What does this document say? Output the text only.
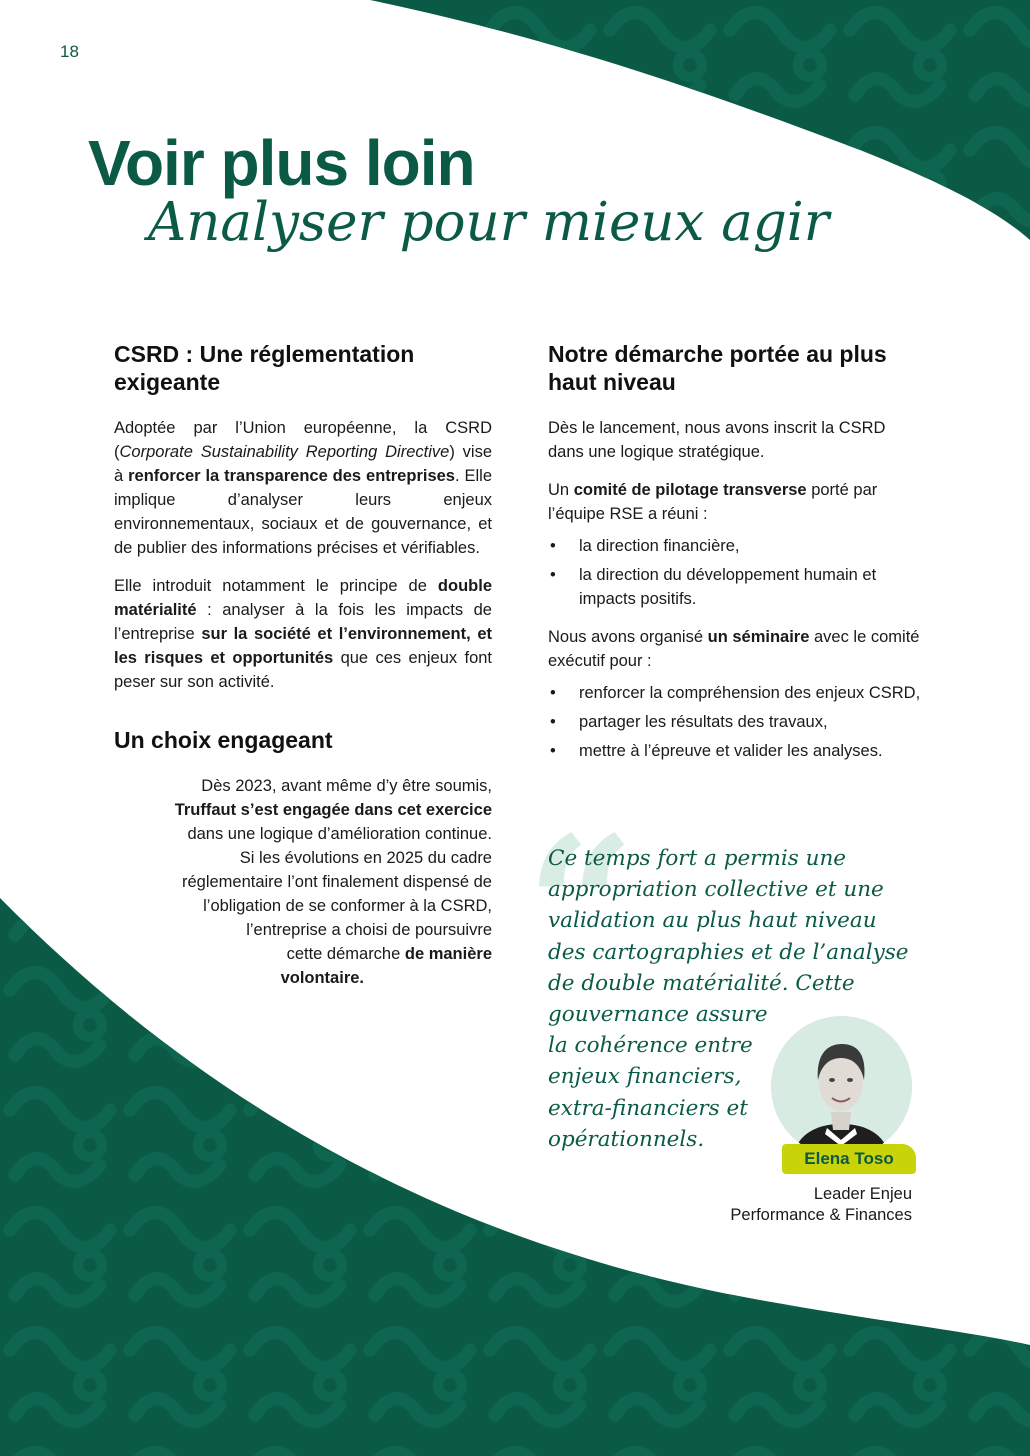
18
Voir plus loin
Analyser pour mieux agir
CSRD : Une réglementation exigeante

Adoptée par l’Union européenne, la CSRD (Corporate Sustainability Reporting Directive) vise à renforcer la transparence des entreprises. Elle implique d’analyser leurs enjeux environnementaux, sociaux et de gouvernance, et de publier des informations précises et vérifiables.

Elle introduit notamment le principe de double matérialité : analyser à la fois les impacts de l’entreprise sur la société et l’environnement, et les risques et opportunités que ces enjeux font peser sur son activité.

Un choix engageant
Dès 2023, avant même d’y être soumis,
Truffaut s’est engagée dans cet exercice
dans une logique d’amélioration continue.
Si les évolutions en 2025 du cadre
réglementaire l’ont finalement dispensé de
l’obligation de se conformer à la CSRD,
l’entreprise a choisi de poursuivre
cette démarche de manière
volontaire.
Notre démarche portée au plus haut niveau

Dès le lancement, nous avons inscrit la CSRD dans une logique stratégique.

Un comité de pilotage transverse porté par l’équipe RSE a réuni :

• la direction financière,
• la direction du développement humain et impacts positifs.

Nous avons organisé un séminaire avec le comité exécutif pour :

• renforcer la compréhension des enjeux CSRD,
• partager les résultats des travaux,
• mettre à l’épreuve et valider les analyses.
“
Ce temps fort a permis une
appropriation collective et une
validation au plus haut niveau
des cartographies et de l’analyse
de double matérialité. Cette
gouvernance assure
la cohérence entre
enjeux financiers,
extra-financiers et
opérationnels.
Elena Toso
Leader Enjeu
Performance & Finances
